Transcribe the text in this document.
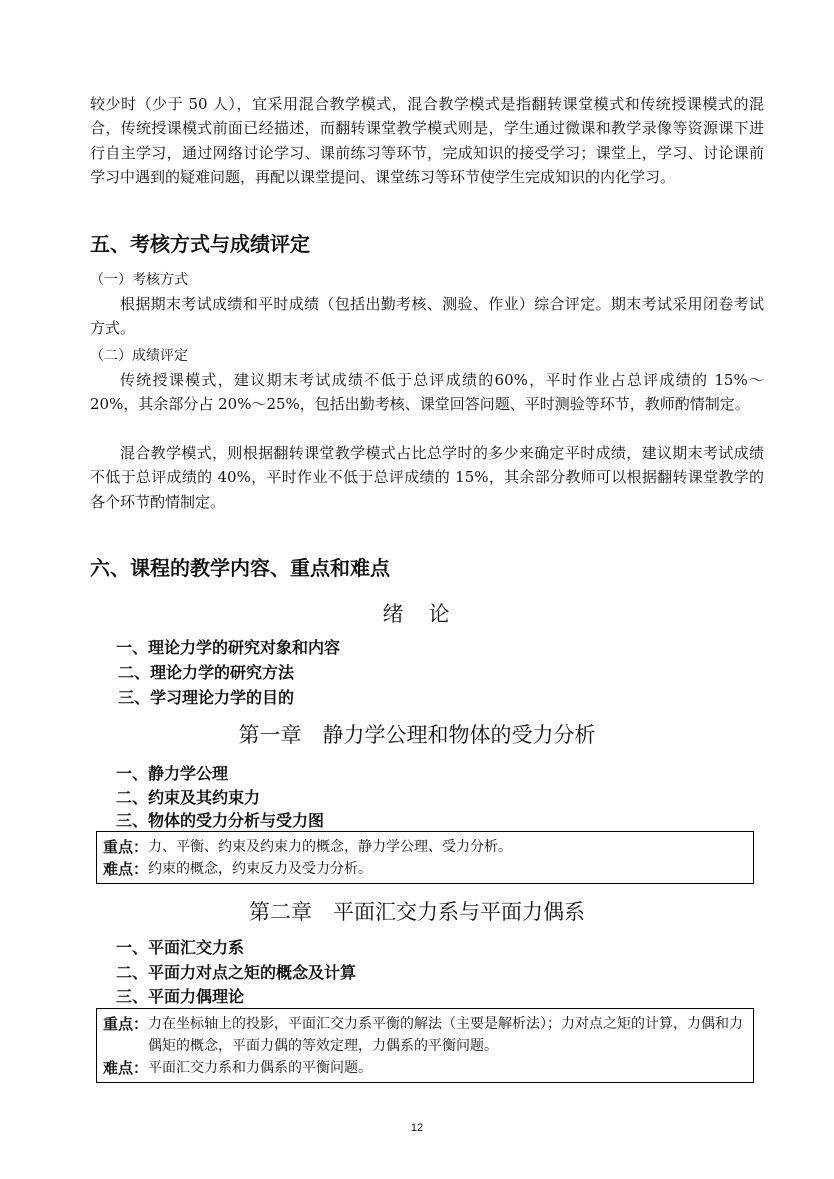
较少时（少于 50 人），宜采用混合教学模式，混合教学模式是指翻转课堂模式和传统授课模式的混合，传统授课模式前面已经描述，而翻转课堂教学模式则是，学生通过微课和教学录像等资源课下进行自主学习，通过网络讨论学习、课前练习等环节，完成知识的接受学习；课堂上，学习、讨论课前学习中遇到的疑难问题，再配以课堂提问、课堂练习等环节使学生完成知识的内化学习。

五、考核方式与成绩评定

（一）考核方式

根据期末考试成绩和平时成绩（包括出勤考核、测验、作业）综合评定。期末考试采用闭卷考试方式。

（二）成绩评定

传统授课模式，建议期末考试成绩不低于总评成绩的60%，平时作业占总评成绩的 15%～20%，其余部分占 20%～25%，包括出勤考核、课堂回答问题、平时测验等环节，教师酌情制定。

混合教学模式，则根据翻转课堂教学模式占比总学时的多少来确定平时成绩，建议期末考试成绩不低于总评成绩的 40%，平时作业不低于总评成绩的 15%，其余部分教师可以根据翻转课堂教学的各个环节酌情制定。

六、课程的教学内容、重点和难点

绪　论

一、理论力学的研究对象和内容

二、理论力学的研究方法

三、学习理论力学的目的

第一章　静力学公理和物体的受力分析

一、静力学公理

二、约束及其约束力

三、物体的受力分析与受力图

重点： 力、平衡、约束及约束力的概念，静力学公理、受力分析。
难点： 约束的概念，约束反力及受力分析。

第二章　平面汇交力系与平面力偶系

一、平面汇交力系

二、平面力对点之矩的概念及计算

三、平面力偶理论

重点： 力在坐标轴上的投影，平面汇交力系平衡的解法（主要是解析法）；力对点之矩的计算，力偶和力偶矩的概念，平面力偶的等效定理，力偶系的平衡问题。
难点： 平面汇交力系和力偶系的平衡问题。
12
